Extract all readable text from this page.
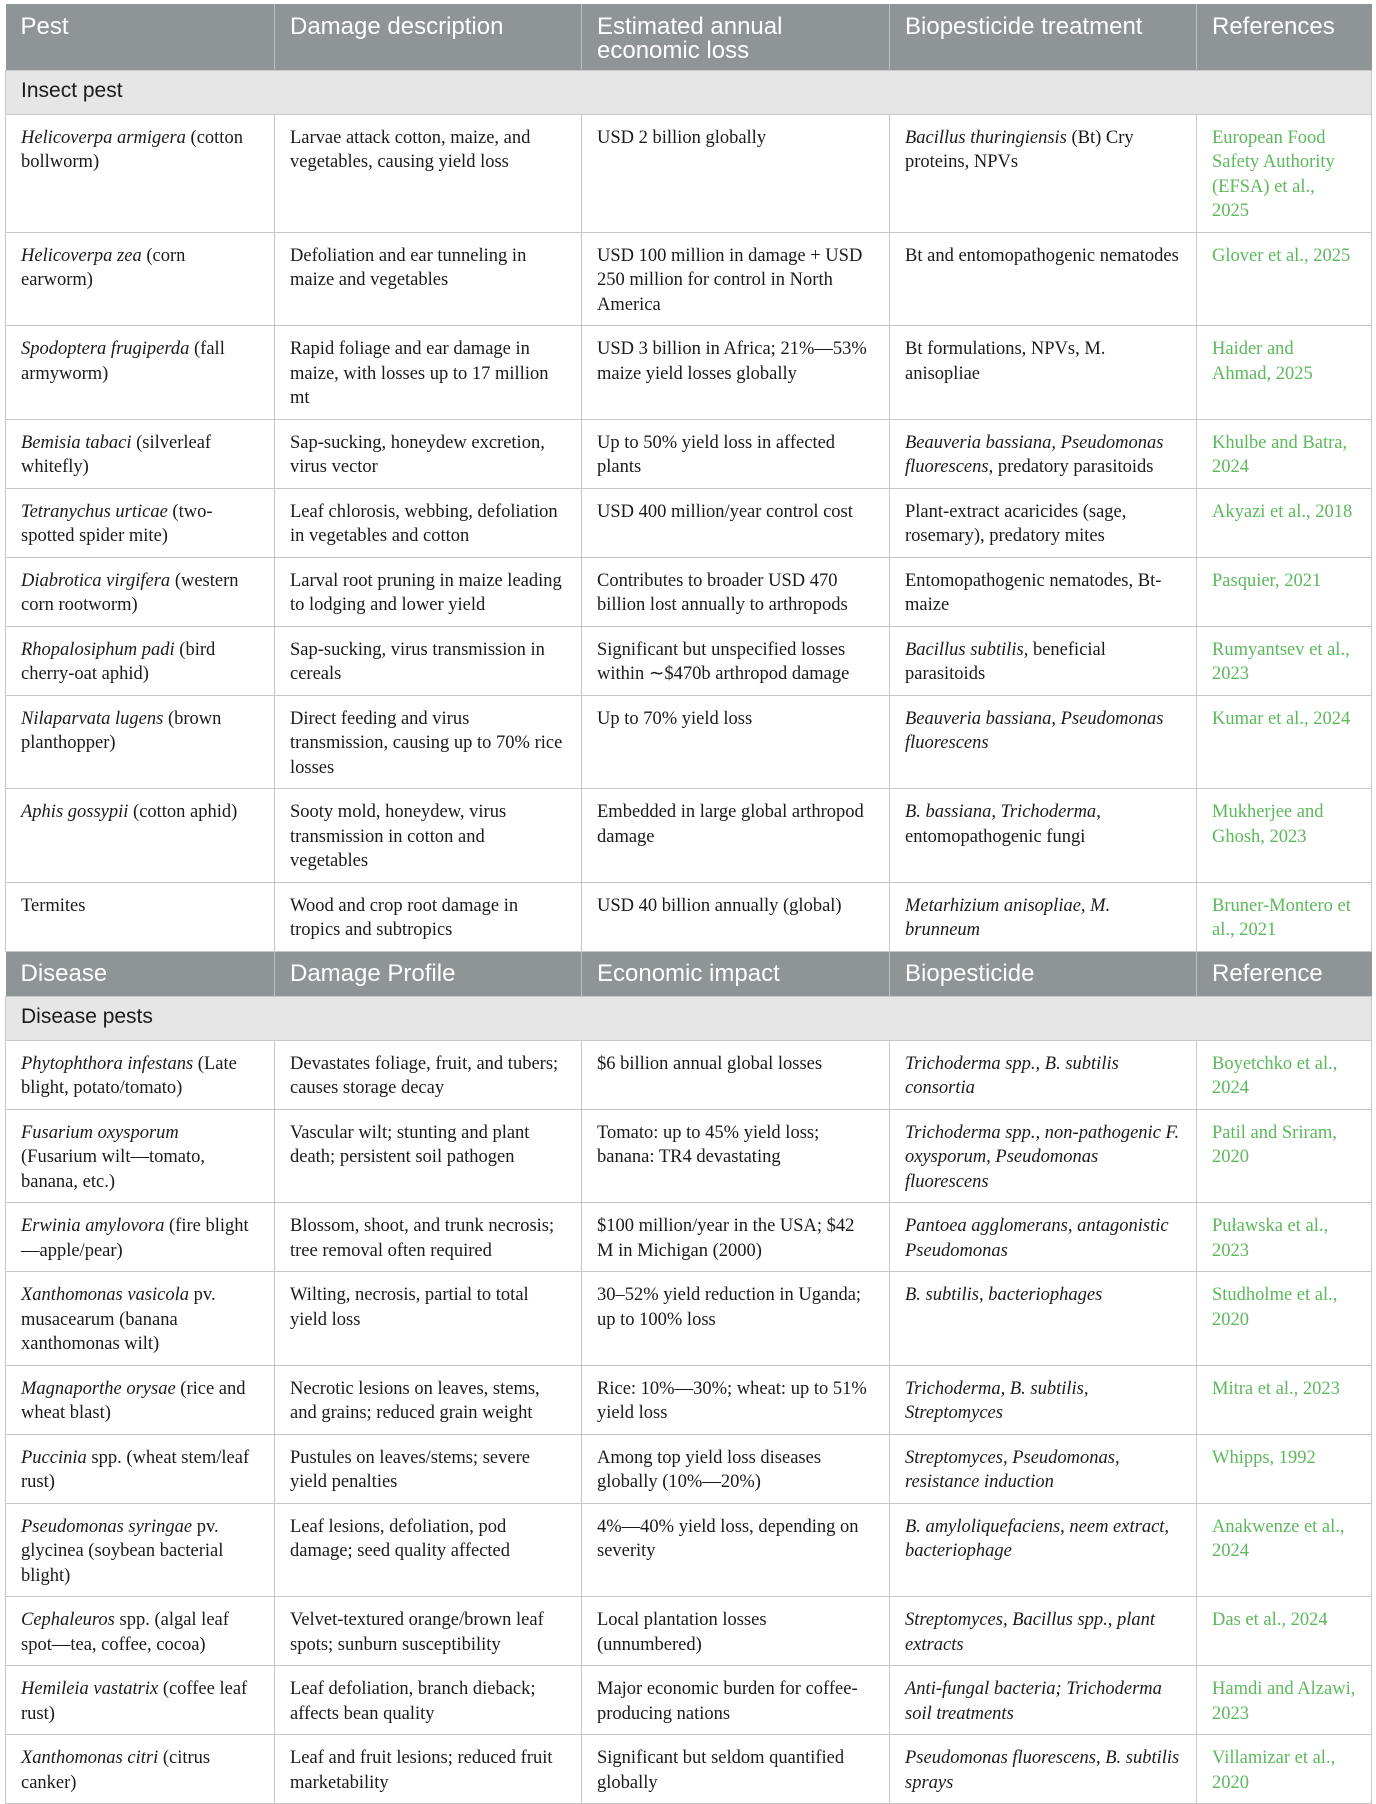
Pest	Damage description	Estimated annual economic loss	Biopesticide treatment	References
Insect pest				
Helicoverpa armigera (cotton bollworm)	Larvae attack cotton, maize, and vegetables, causing yield loss	USD 2 billion globally	Bacillus thuringiensis (Bt) Cry proteins, NPVs	European Food Safety Authority (EFSA) et al., 2025
Helicoverpa zea (corn earworm)	Defoliation and ear tunneling in maize and vegetables	USD 100 million in damage + USD 250 million for control in North America	Bt and entomopathogenic nematodes	Glover et al., 2025
Spodoptera frugiperda (fall armyworm)	Rapid foliage and ear damage in maize, with losses up to 17 million mt	USD 3 billion in Africa; 21%—53% maize yield losses globally	Bt formulations, NPVs, M. anisopliae	Haider and Ahmad, 2025
Bemisia tabaci (silverleaf whitefly)	Sap-sucking, honeydew excretion, virus vector	Up to 50% yield loss in affected plants	Beauveria bassiana, Pseudomonas fluorescens, predatory parasitoids	Khulbe and Batra, 2024
Tetranychus urticae (two-spotted spider mite)	Leaf chlorosis, webbing, defoliation in vegetables and cotton	USD 400 million/year control cost	Plant-extract acaricides (sage, rosemary), predatory mites	Akyazi et al., 2018
Diabrotica virgifera (western corn rootworm)	Larval root pruning in maize leading to lodging and lower yield	Contributes to broader USD 470 billion lost annually to arthropods	Entomopathogenic nematodes, Bt-maize	Pasquier, 2021
Rhopalosiphum padi (bird cherry-oat aphid)	Sap-sucking, virus transmission in cereals	Significant but unspecified losses within ∼$470b arthropod damage	Bacillus subtilis, beneficial parasitoids	Rumyantsev et al., 2023
Nilaparvata lugens (brown planthopper)	Direct feeding and virus transmission, causing up to 70% rice losses	Up to 70% yield loss	Beauveria bassiana, Pseudomonas fluorescens	Kumar et al., 2024
Aphis gossypii (cotton aphid)	Sooty mold, honeydew, virus transmission in cotton and vegetables	Embedded in large global arthropod damage	B. bassiana, Trichoderma, entomopathogenic fungi	Mukherjee and Ghosh, 2023
Termites	Wood and crop root damage in tropics and subtropics	USD 40 billion annually (global)	Metarhizium anisopliae, M. brunneum	Bruner-Montero et al., 2021
Disease	Damage Profile	Economic impact	Biopesticide	Reference
Disease pests				
Phytophthora infestans (Late blight, potato/tomato)	Devastates foliage, fruit, and tubers; causes storage decay	$6 billion annual global losses	Trichoderma spp., B. subtilis consortia	Boyetchko et al., 2024
Fusarium oxysporum (Fusarium wilt—tomato, banana, etc.)	Vascular wilt; stunting and plant death; persistent soil pathogen	Tomato: up to 45% yield loss; banana: TR4 devastating	Trichoderma spp., non-pathogenic F. oxysporum, Pseudomonas fluorescens	Patil and Sriram, 2020
Erwinia amylovora (fire blight—apple/pear)	Blossom, shoot, and trunk necrosis; tree removal often required	$100 million/year in the USA; $42 M in Michigan (2000)	Pantoea agglomerans, antagonistic Pseudomonas	Puławska et al., 2023
Xanthomonas vasicola pv. musacearum (banana xanthomonas wilt)	Wilting, necrosis, partial to total yield loss	30–52% yield reduction in Uganda; up to 100% loss	B. subtilis, bacteriophages	Studholme et al., 2020
Magnaporthe orysae (rice and wheat blast)	Necrotic lesions on leaves, stems, and grains; reduced grain weight	Rice: 10%—30%; wheat: up to 51% yield loss	Trichoderma, B. subtilis, Streptomyces	Mitra et al., 2023
Puccinia spp. (wheat stem/leaf rust)	Pustules on leaves/stems; severe yield penalties	Among top yield loss diseases globally (10%—20%)	Streptomyces, Pseudomonas, resistance induction	Whipps, 1992
Pseudomonas syringae pv. glycinea (soybean bacterial blight)	Leaf lesions, defoliation, pod damage; seed quality affected	4%—40% yield loss, depending on severity	B. amyloliquefaciens, neem extract, bacteriophage	Anakwenze et al., 2024
Cephaleuros spp. (algal leaf spot—tea, coffee, cocoa)	Velvet-textured orange/brown leaf spots; sunburn susceptibility	Local plantation losses (unnumbered)	Streptomyces, Bacillus spp., plant extracts	Das et al., 2024
Hemileia vastatrix (coffee leaf rust)	Leaf defoliation, branch dieback; affects bean quality	Major economic burden for coffee-producing nations	Anti-fungal bacteria; Trichoderma soil treatments	Hamdi and Alzawi, 2023
Xanthomonas citri (citrus canker)	Leaf and fruit lesions; reduced fruit marketability	Significant but seldom quantified globally	Pseudomonas fluorescens, B. subtilis sprays	Villamizar et al., 2020
